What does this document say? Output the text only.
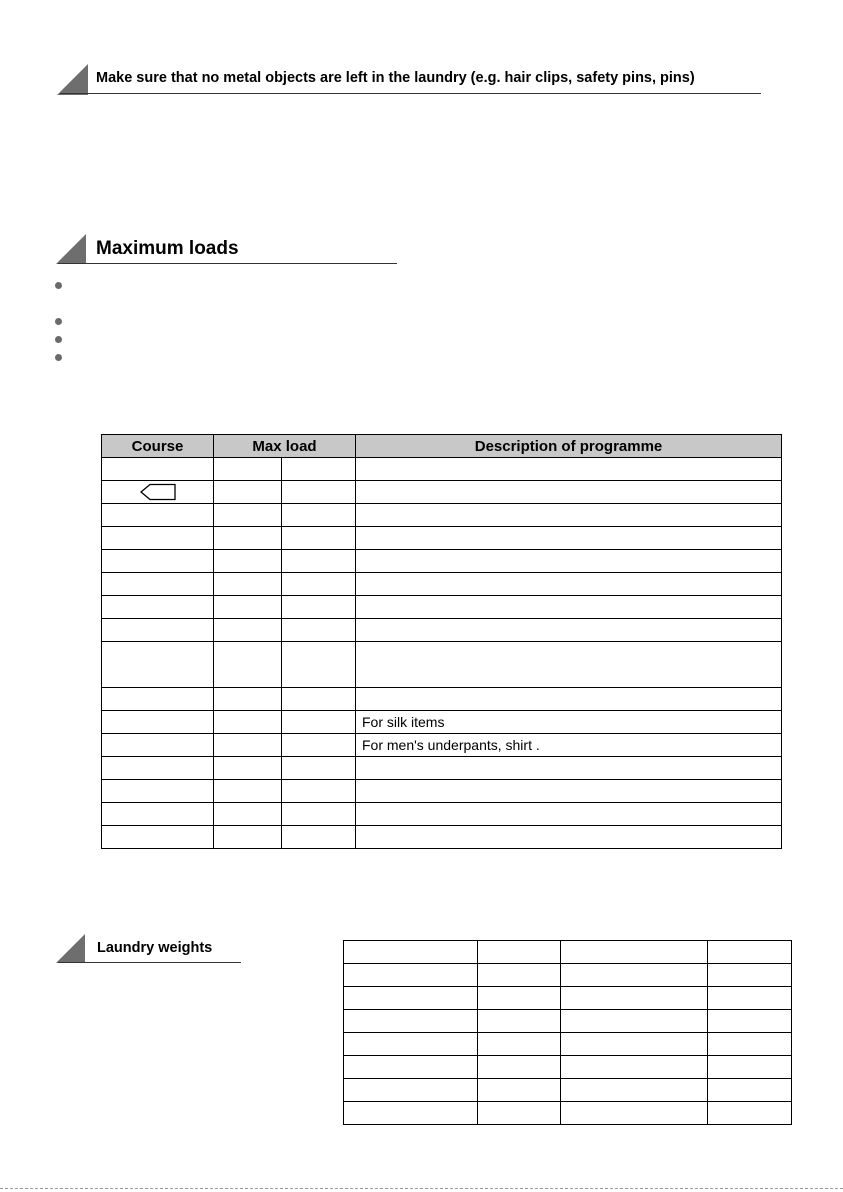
Make sure that no metal objects are left in the laundry (e.g. hair clips, safety pins, pins)
Maximum loads
Course	Max load		Description of programme

			For silk items
			For men's underpants, shirt .

Laundry weights
